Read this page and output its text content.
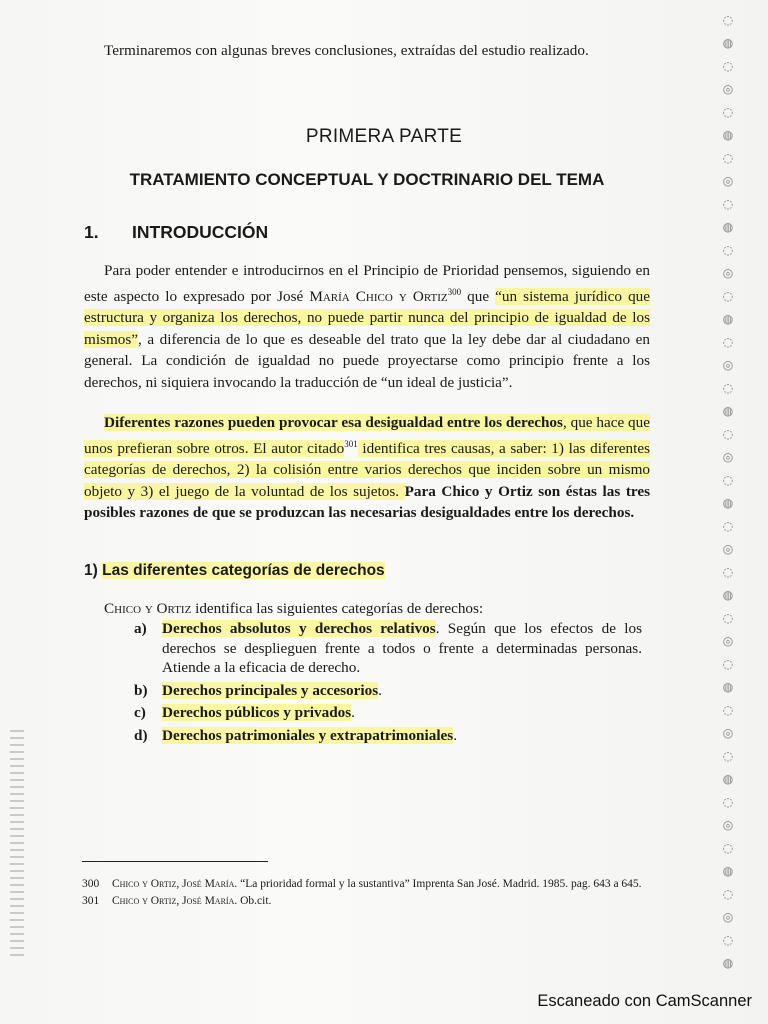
Terminaremos con algunas breves conclusiones, extraídas del estudio realizado.

PRIMERA PARTE
TRATAMIENTO CONCEPTUAL Y DOCTRINARIO DEL TEMA
1. INTRODUCCIÓN

Para poder entender e introducirnos en el Principio de Prioridad pensemos, siguiendo en este aspecto lo expresado por José María Chico y Ortiz$^{300}$ que “un sistema jurídico que estructura y organiza los derechos, no puede partir nunca del principio de igualdad de los mismos”, a diferencia de lo que es deseable del trato que la ley debe dar al ciudadano en general. La condición de igualdad no puede proyectarse como principio frente a los derechos, ni siquiera invocando la traducción de “un ideal de justicia”.

Diferentes razones pueden provocar esa desigualdad entre los derechos, que hace que unos prefieran sobre otros. El autor citado$^{301}$ identifica tres causas, a saber: 1) las diferentes categorías de derechos, 2) la colisión entre varios derechos que inciden sobre un mismo objeto y 3) el juego de la voluntad de los sujetos. Para Chico y Ortiz son éstas las tres posibles razones de que se produzcan las necesarias desigualdades entre los derechos.

1) Las diferentes categorías de derechos

Chico y Ortiz identifica las siguientes categorías de derechos:

a)	Derechos absolutos y derechos relativos. Según que los efectos de los derechos se desplieguen frente a todos o frente a determinadas personas. Atiende a la eficacia de derecho.
b) Derechos principales y accesorios.
c)	Derechos públicos y privados.
d) Derechos patrimoniales y extrapatrimoniales.
300	Chico y Ortiz, José María. “La prioridad formal y la sustantiva” Imprenta San José. Madrid. 1985. pag. 643 a 645.
301	Chico y Ortiz, José María. Ob.cit.
◌
◍
◌
◎
◌
◍
◌
◎
◌
◍
◌
◎
◌
◍
◌
◎
◌
◍
◌
◎
◌
◍
◌
◎
◌
◍
◌
◎
◌
◍
◌
◎
◌
◍
◌
◎
◌
◍
◌
◎
◌
◍
Escaneado con CamScanner
